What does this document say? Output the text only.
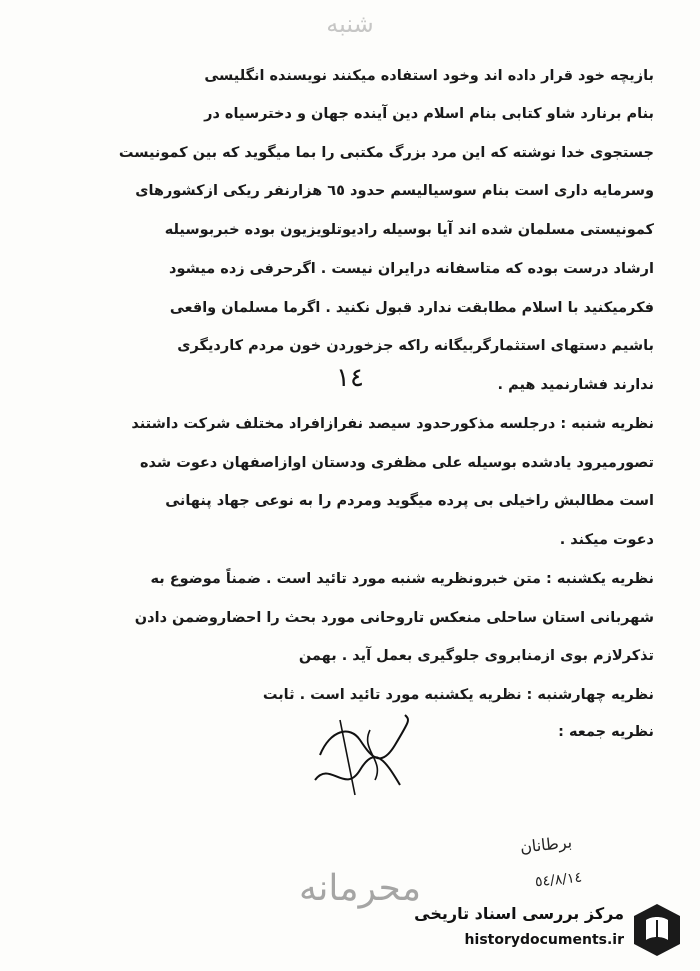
شنبه
بازیچه خود قرار داده اند وخود استفاده میکنند نویسنده انگلیسی
بنام برنارد شاو کتابی بنام اسلام دین آینده جهان و دخترسیاه در
جستجوی خدا نوشته که این مرد بزرگ مکتبی را بما میگوید که بین کمونیست
وسرمایه داری است بنام سوسیالیسم حدود ٦٥ هزارنفر ریکی ازکشورهای
کمونیستی مسلمان شده اند آیا بوسیله رادیوتلویزیون بوده خبربوسیله
ارشاد درست بوده که متاسفانه درایران نیست . اگرحرفی زده میشود
فکرمیکنید با اسلام مطابقت ندارد قبول نکنید . اگرما مسلمان واقعی
باشیم دستهای استثمارگربیگانه راکه جزخوردن خون مردم کاردیگری
ندارند فشارنمید هیم .
١٤
نظریه شنبه : درجلسه مذکورحدود سیصد نفرازافراد مختلف شرکت داشتند
تصورمیرود یادشده بوسیله علی مظفری ودستان اوازاصفهان دعوت شده
است مطالبش راخیلی بی پرده میگوید ومردم را به نوعی جهاد پنهانی
دعوت میکند .
نظریه یکشنبه : متن خبرونظریه شنبه مورد تائید است . ضمناً موضوع به
شهربانی استان ساحلی منعکس تاروحانی مورد بحث را احضاروضمن دادن
تذکرلازم بوی ازمنابروی جلوگیری بعمل آید . بهمن
نظریه چهارشنبه : نظریه یکشنبه مورد تائید است . ثابت
نظریه جمعه :
برطانان
٥٤/٨/١٤
محرمانه
مرکز بررسی اسناد تاریخی
historydocuments.ir
